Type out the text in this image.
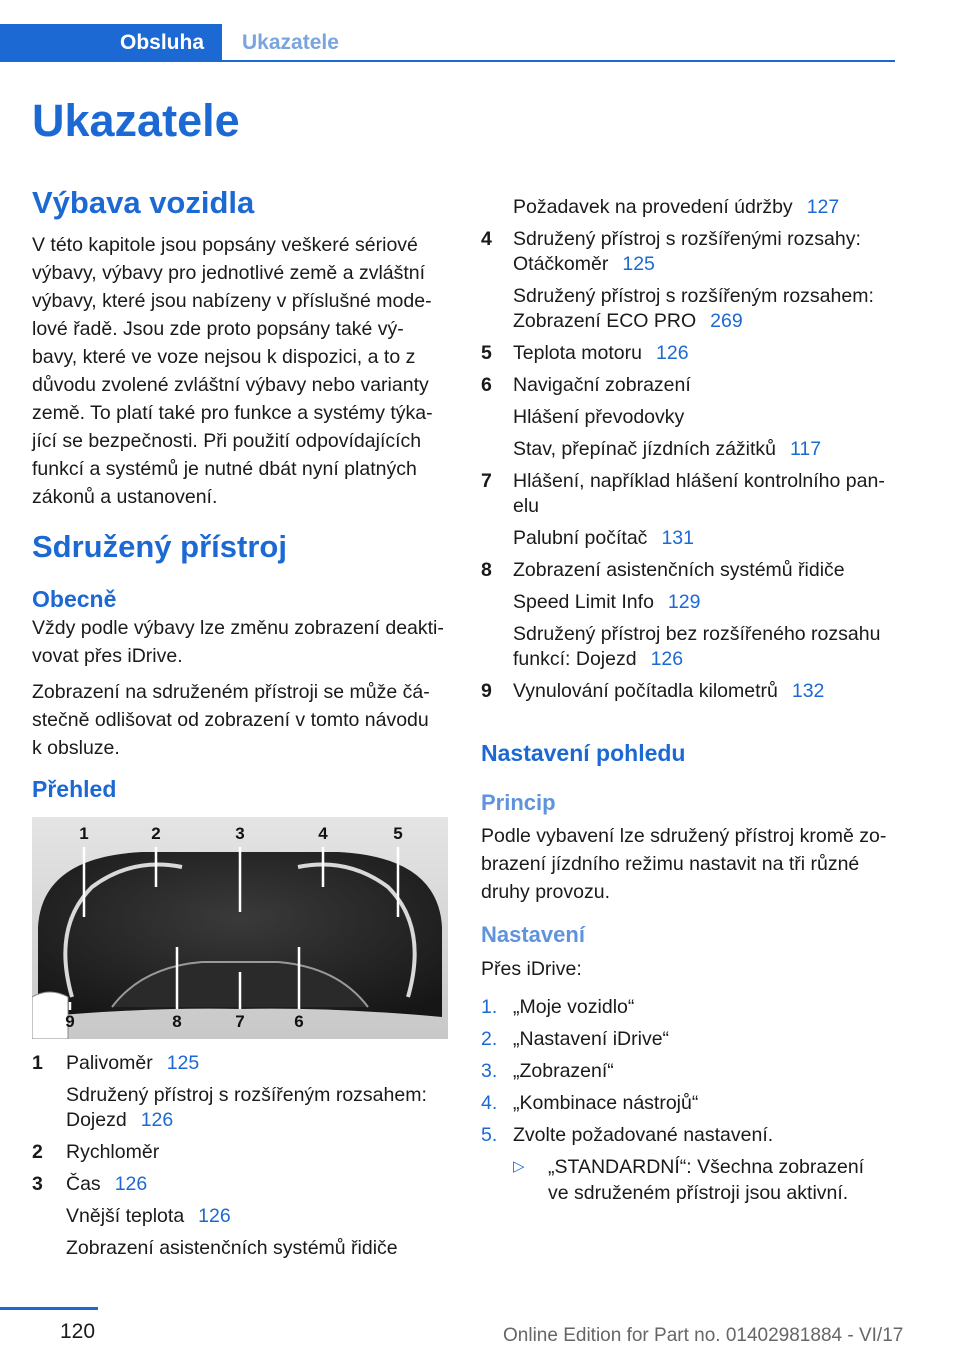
Obsluha	Ukazatele
Ukazatele
Výbava vozidla
V této kapitole jsou popsány veškeré sériové
výbavy, výbavy pro jednotlivé země a zvláštní
výbavy, které jsou nabízeny v příslušné mode-
lové řadě. Jsou zde proto popsány také vý-
bavy, které ve voze nejsou k dispozici, a to z
důvodu zvolené zvláštní výbavy nebo varianty
země. To platí také pro funkce a systémy týka-
jící se bezpečnosti. Při použití odpovídajících
funkcí a systémů je nutné dbát nyní platných
zákonů a ustanovení.
Sdružený přístroj
Obecně
Vždy podle výbavy lze změnu zobrazení deakti-
vovat přes iDrive.
Zobrazení na sdruženém přístroji se může čá-
stečně odlišovat od zobrazení v tomto návodu
k obsluze.
Přehled
1	2	3	4	5
9	8	7	6
1 Palivoměr 125
Sdružený přístroj s rozšířeným rozsahem:
Dojezd 126
2 Rychloměr
3 Čas 126
Vnější teplota 126
Zobrazení asistenčních systémů řidiče
Požadavek na provedení údržby 127
4 Sdružený přístroj s rozšířenými rozsahy:
Otáčkoměr 125
Sdružený přístroj s rozšířeným rozsahem:
Zobrazení ECO PRO 269
5 Teplota motoru 126
6 Navigační zobrazení
Hlášení převodovky
Stav, přepínač jízdních zážitků 117
7 Hlášení, například hlášení kontrolního pan-
elu
Palubní počítač 131
8 Zobrazení asistenčních systémů řidiče
Speed Limit Info 129
Sdružený přístroj bez rozšířeného rozsahu
funkcí: Dojezd 126
9 Vynulování počítadla kilometrů 132
Nastavení pohledu
Princip
Podle vybavení lze sdružený přístroj kromě zo-
brazení jízdního režimu nastavit na tři různé
druhy provozu.
Nastavení
Přes iDrive:
1. „Moje vozidlo“
2. „Nastavení iDrive“
3. „Zobrazení“
4. „Kombinace nástrojů“
5. Zvolte požadované nastavení.
▷ „STANDARDNÍ“: Všechna zobrazení
ve sdruženém přístroji jsou aktivní.
120	Online Edition for Part no. 01402981884 - VI/17
